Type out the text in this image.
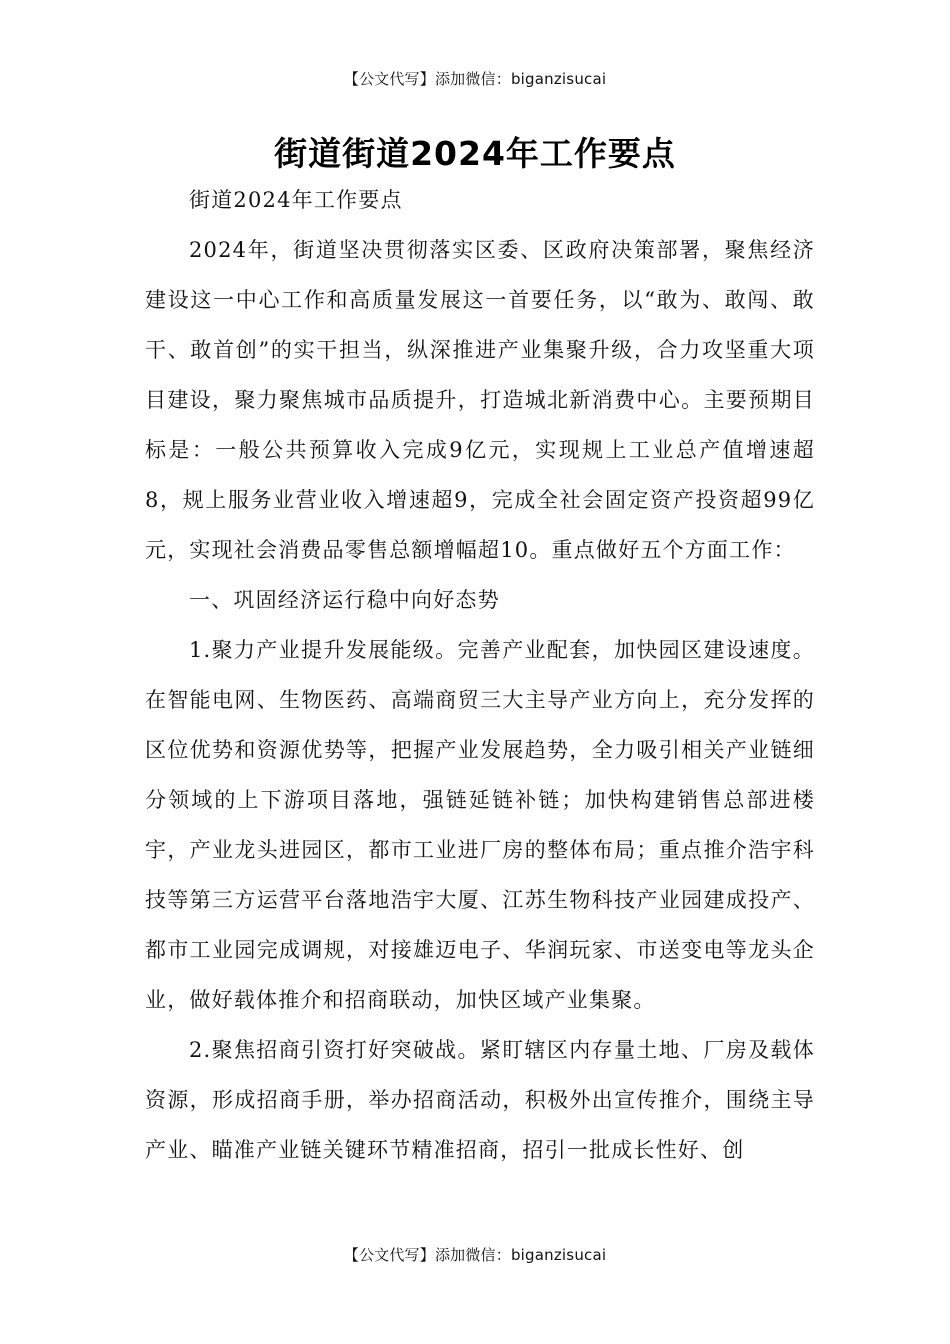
【公文代写】添加微信：biganzisucai
街道街道2024年工作要点

街道2024年工作要点

2024年，街道坚决贯彻落实区委、区政府决策部署，聚焦经济建设这一中心工作和高质量发展这一首要任务，以“敢为、敢闯、敢干、敢首创”的实干担当，纵深推进产业集聚升级，合力攻坚重大项目建设，聚力聚焦城市品质提升，打造城北新消费中心。主要预期目标是：一般公共预算收入完成9亿元，实现规上工业总产值增速超8，规上服务业营业收入增速超9，完成全社会固定资产投资超99亿元，实现社会消费品零售总额增幅超10。重点做好五个方面工作：

一、巩固经济运行稳中向好态势

1.聚力产业提升发展能级。完善产业配套，加快园区建设速度。在智能电网、生物医药、高端商贸三大主导产业方向上，充分发挥的区位优势和资源优势等，把握产业发展趋势，全力吸引相关产业链细分领域的上下游项目落地，强链延链补链；加快构建销售总部进楼宇，产业龙头进园区，都市工业进厂房的整体布局；重点推介浩宇科技等第三方运营平台落地浩宇大厦、江苏生物科技产业园建成投产、都市工业园完成调规，对接雄迈电子、华润玩家、市送变电等龙头企业，做好载体推介和招商联动，加快区域产业集聚。

2.聚焦招商引资打好突破战。紧盯辖区内存量土地、厂房及载体资源，形成招商手册，举办招商活动，积极外出宣传推介，围绕主导产业、瞄准产业链关键环节精准招商，招引一批成长性好、创

【公文代写】添加微信：biganzisucai
